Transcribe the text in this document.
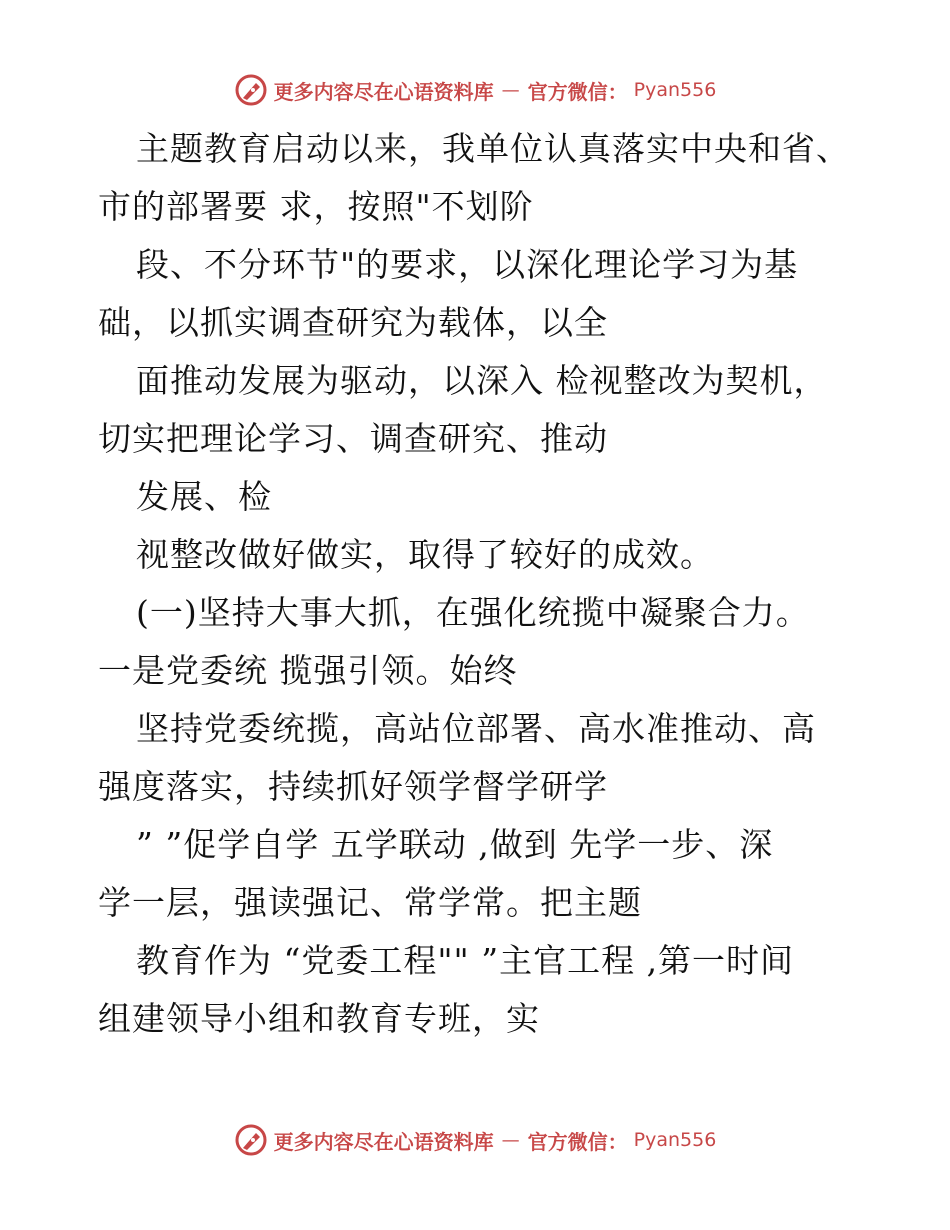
更多内容尽在心语资料库 — 官方微信： Pyan556
主题教育启动以来，我单位认真落实中央和省、
市的部署要 求，按照"不划阶
段、不分环节"的要求，以深化理论学习为基
础，以抓实调查研究为载体，以全
面推动发展为驱动，以深入 检视整改为契机，
切实把理论学习、调查研究、推动
发展、检
视整改做好做实，取得了较好的成效。
(一)坚持大事大抓，在强化统揽中凝聚合力。
一是党委统 揽强引领。始终
坚持党委统揽，高站位部署、高水准推动、高
强度落实，持续抓好领学督学研学
” ”促学自学 五学联动 ,做到 先学一步、深
学一层，强读强记、常学常。把主题
教育作为 “党委工程"" ”主官工程 ,第一时间
组建领导小组和教育专班，实
更多内容尽在心语资料库 — 官方微信： Pyan556
